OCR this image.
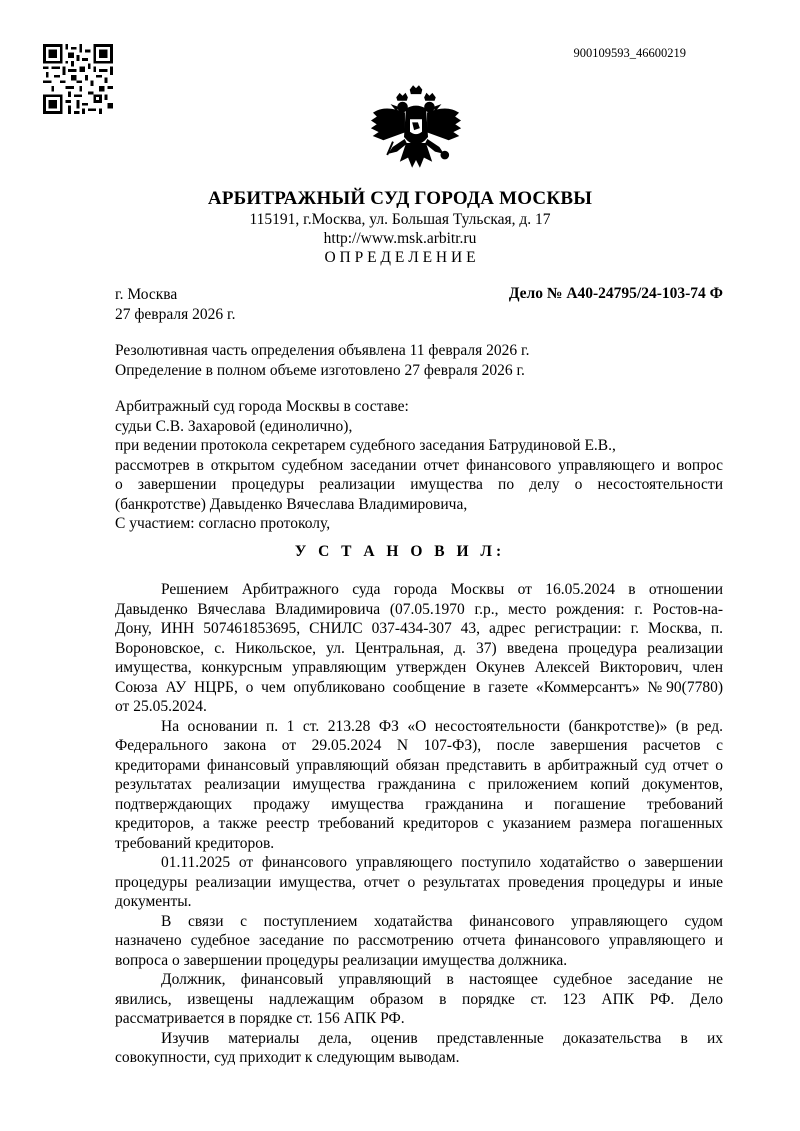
900109593_46600219
АРБИТРАЖНЫЙ СУД ГОРОДА МОСКВЫ
115191, г.Москва, ул. Большая Тульская, д. 17
http://www.msk.arbitr.ru
О П Р Е Д Е Л Е Н И Е
г. Москва
27 февраля 2026 г.
Дело № А40-24795/24-103-74 Ф
Резолютивная часть определения объявлена 11 февраля 2026 г.
Определение в полном объеме изготовлено 27 февраля 2026 г.
Арбитражный суд города Москвы в составе:
судьи С.В. Захаровой (единолично),
при ведении протокола секретарем судебного заседания Батрудиновой Е.В.,
рассмотрев в открытом судебном заседании отчет финансового управляющего и вопрос
о завершении процедуры реализации имущества по делу о несостоятельности
(банкротстве) Давыденко Вячеслава Владимировича,
С участием: согласно протоколу,
У С Т А Н О В И Л:
Решением Арбитражного суда города Москвы от 16.05.2024 в отношении
Давыденко Вячеслава Владимировича (07.05.1970 г.р., место рождения: г. Ростов-на-
Дону, ИНН 507461853695, СНИЛС 037-434-307 43, адрес регистрации: г. Москва, п.
Вороновское, с. Никольское, ул. Центральная, д. 37) введена процедура реализации
имущества, конкурсным управляющим утвержден Окунев Алексей Викторович, член
Союза АУ НЦРБ, о чем опубликовано сообщение в газете «Коммерсантъ» №90(7780)
от 25.05.2024.
На основании п. 1 ст. 213.28 ФЗ «О несостоятельности (банкротстве)» (в ред.
Федерального закона от 29.05.2024 N 107-ФЗ), после завершения расчетов с
кредиторами финансовый управляющий обязан представить в арбитражный суд отчет о
результатах реализации имущества гражданина с приложением копий документов,
подтверждающих продажу имущества гражданина и погашение требований
кредиторов, а также реестр требований кредиторов с указанием размера погашенных
требований кредиторов.
01.11.2025 от финансового управляющего поступило ходатайство о завершении
процедуры реализации имущества, отчет о результатах проведения процедуры и иные
документы.
В связи с поступлением ходатайства финансового управляющего судом
назначено судебное заседание по рассмотрению отчета финансового управляющего и
вопроса о завершении процедуры реализации имущества должника.
Должник, финансовый управляющий в настоящее судебное заседание не
явились, извещены надлежащим образом в порядке ст. 123 АПК РФ. Дело
рассматривается в порядке ст. 156 АПК РФ.
Изучив материалы дела, оценив представленные доказательства в их
совокупности, суд приходит к следующим выводам.
